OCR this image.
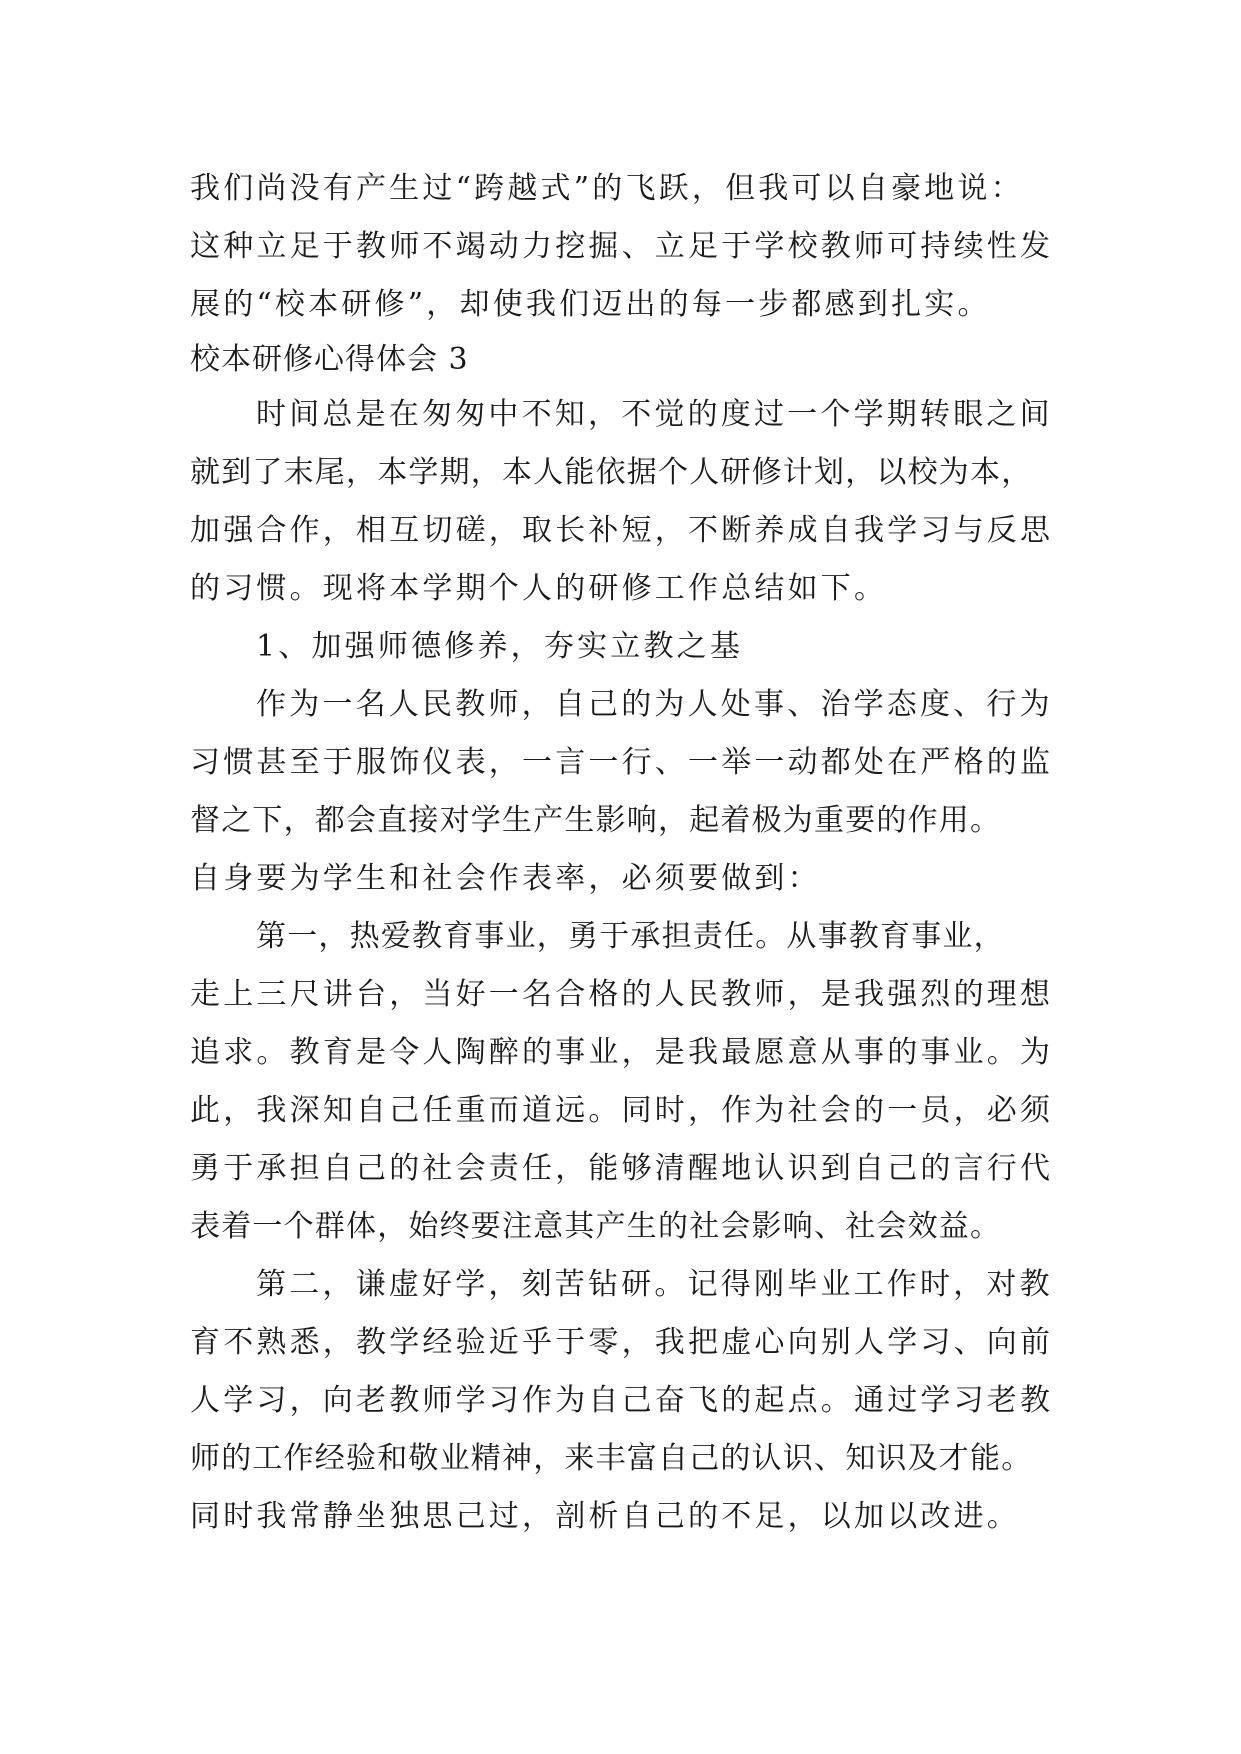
我们尚没有产生过“跨越式”的飞跃，但我可以自豪地说：
这种立足于教师不竭动力挖掘、立足于学校教师可持续性发
展的“校本研修”，却使我们迈出的每一步都感到扎实。
校本研修心得体会 3
时间总是在匆匆中不知，不觉的度过一个学期转眼之间
就到了末尾，本学期，本人能依据个人研修计划，以校为本，
加强合作，相互切磋，取长补短，不断养成自我学习与反思
的习惯。现将本学期个人的研修工作总结如下。
1、加强师德修养，夯实立教之基
作为一名人民教师，自己的为人处事、治学态度、行为
习惯甚至于服饰仪表，一言一行、一举一动都处在严格的监
督之下，都会直接对学生产生影响，起着极为重要的作用。
自身要为学生和社会作表率，必须要做到：
第一，热爱教育事业，勇于承担责任。从事教育事业，
走上三尺讲台，当好一名合格的人民教师，是我强烈的理想
追求。教育是令人陶醉的事业，是我最愿意从事的事业。为
此，我深知自己任重而道远。同时，作为社会的一员，必须
勇于承担自己的社会责任，能够清醒地认识到自己的言行代
表着一个群体，始终要注意其产生的社会影响、社会效益。
第二，谦虚好学，刻苦钻研。记得刚毕业工作时，对教
育不熟悉，教学经验近乎于零，我把虚心向别人学习、向前
人学习，向老教师学习作为自己奋飞的起点。通过学习老教
师的工作经验和敬业精神，来丰富自己的认识、知识及才能。
同时我常静坐独思己过，剖析自己的不足，以加以改进。
